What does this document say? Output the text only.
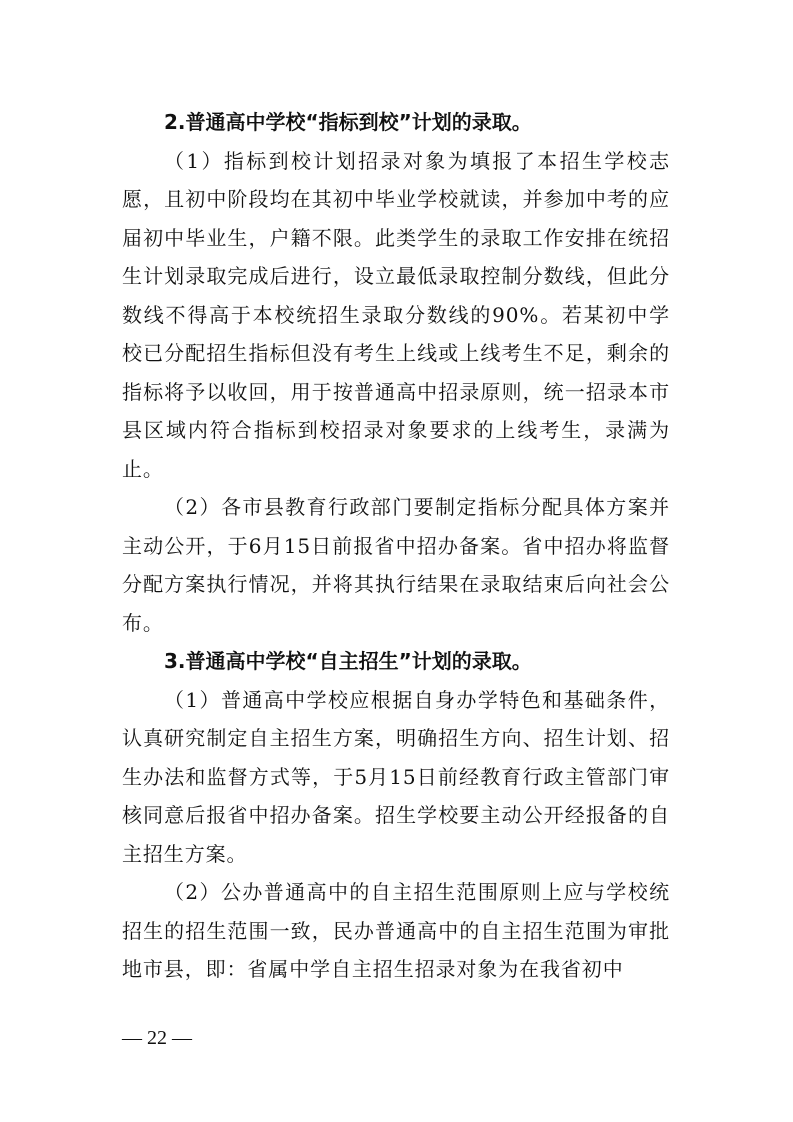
2.普通高中学校“指标到校”计划的录取。

（1）指标到校计划招录对象为填报了本招生学校志愿，且初中阶段均在其初中毕业学校就读，并参加中考的应届初中毕业生，户籍不限。此类学生的录取工作安排在统招生计划录取完成后进行，设立最低录取控制分数线，但此分数线不得高于本校统招生录取分数线的90%。若某初中学校已分配招生指标但没有考生上线或上线考生不足，剩余的指标将予以收回，用于按普通高中招录原则，统一招录本市县区域内符合指标到校招录对象要求的上线考生，录满为止。

（2）各市县教育行政部门要制定指标分配具体方案并主动公开，于6月15日前报省中招办备案。省中招办将监督分配方案执行情况，并将其执行结果在录取结束后向社会公布。

3.普通高中学校“自主招生”计划的录取。

（1）普通高中学校应根据自身办学特色和基础条件，认真研究制定自主招生方案，明确招生方向、招生计划、招生办法和监督方式等，于5月15日前经教育行政主管部门审核同意后报省中招办备案。招生学校要主动公开经报备的自主招生方案。

（2）公办普通高中的自主招生范围原则上应与学校统招生的招生范围一致，民办普通高中的自主招生范围为审批地市县，即：省属中学自主招生招录对象为在我省初中

— 22 —
